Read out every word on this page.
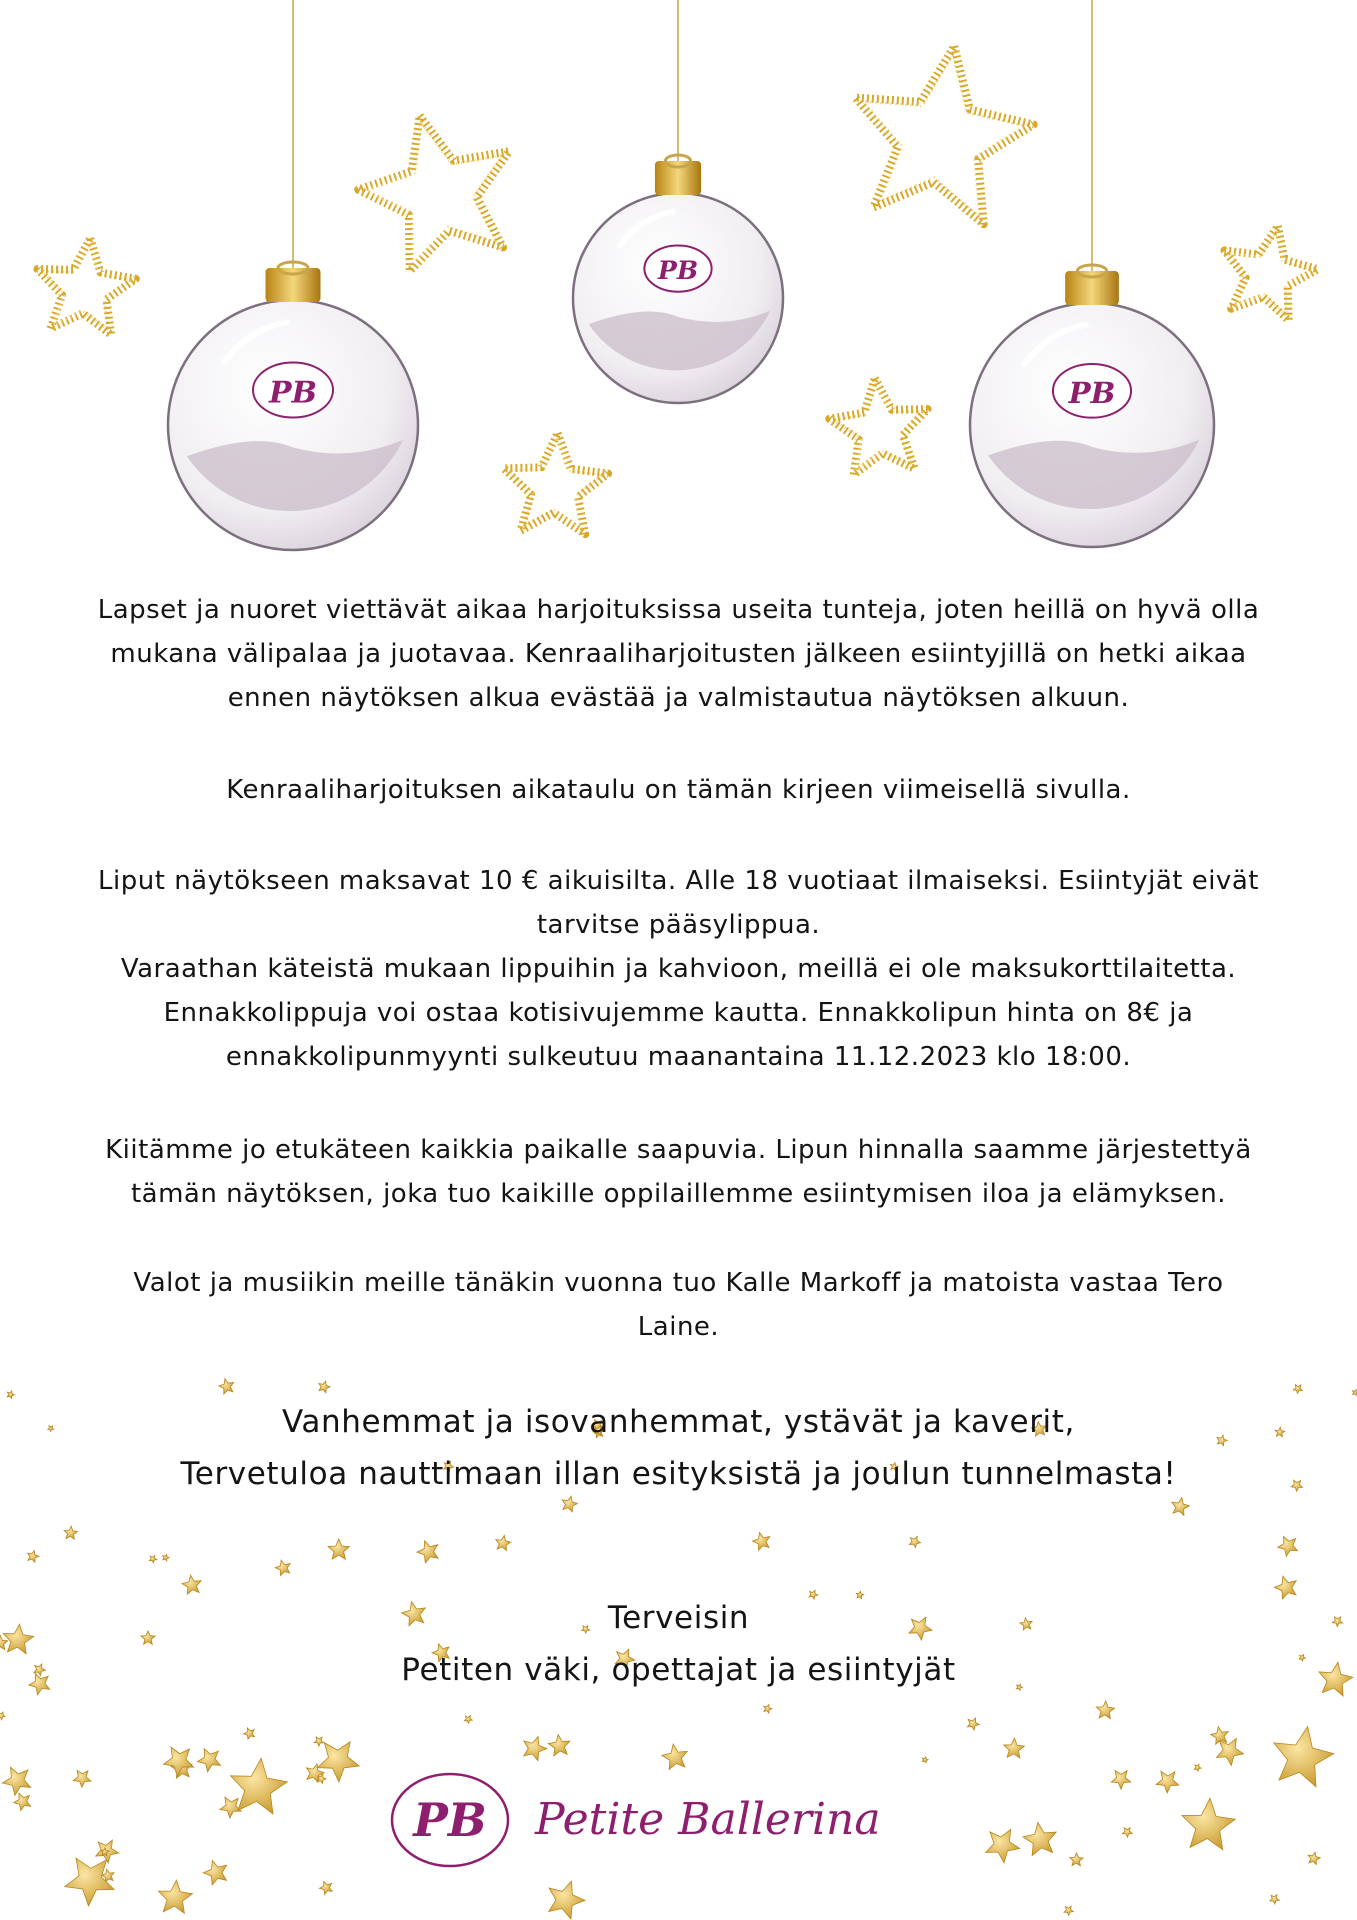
PB
PB
PB
Lapset ja nuoret viettävät aikaa harjoituksissa useita tunteja, joten heillä on hyvä olla
mukana välipalaa ja juotavaa. Kenraaliharjoitusten jälkeen esiintyjillä on hetki aikaa
ennen näytöksen alkua evästää ja valmistautua näytöksen alkuun.
Kenraaliharjoituksen aikataulu on tämän kirjeen viimeisellä sivulla.
Liput näytökseen maksavat 10 € aikuisilta. Alle 18 vuotiaat ilmaiseksi. Esiintyjät eivät
tarvitse pääsylippua.
Varaathan käteistä mukaan lippuihin ja kahvioon, meillä ei ole maksukorttilaitetta.
Ennakkolippuja voi ostaa kotisivujemme kautta. Ennakkolipun hinta on 8€ ja
ennakkolipunmyynti sulkeutuu maanantaina 11.12.2023 klo 18:00.
Kiitämme jo etukäteen kaikkia paikalle saapuvia. Lipun hinnalla saamme järjestettyä
tämän näytöksen, joka tuo kaikille oppilaillemme esiintymisen iloa ja elämyksen.
Valot ja musiikin meille tänäkin vuonna tuo Kalle Markoff ja matoista vastaa Tero
Laine.
Vanhemmat ja isovanhemmat, ystävät ja kaverit,
Tervetuloa nauttimaan illan esityksistä ja joulun tunnelmasta!
Terveisin
Petiten väki, opettajat ja esiintyjät
PB Petite Ballerina
